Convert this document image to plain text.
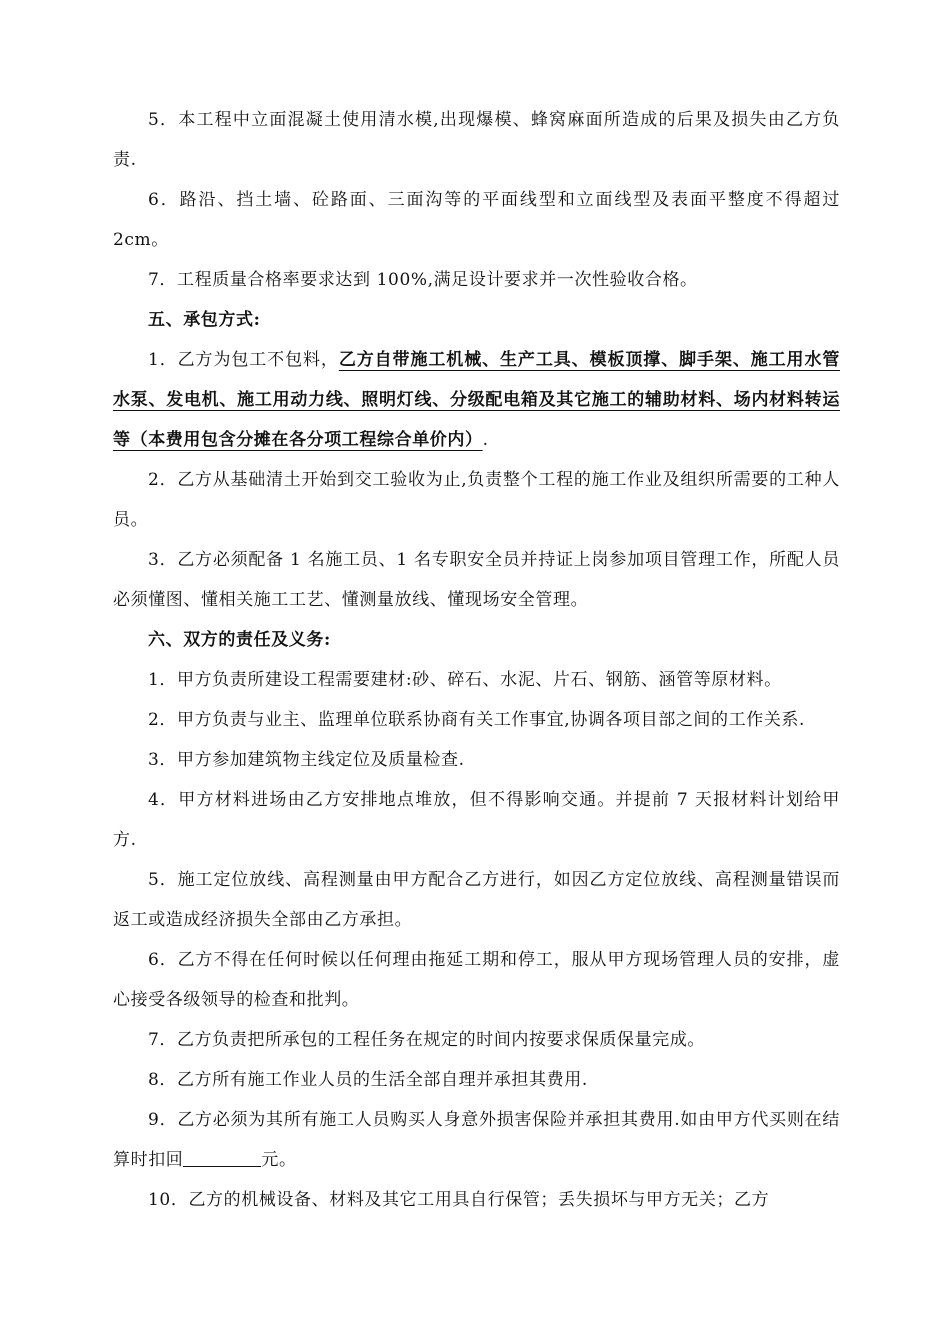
5．本工程中立面混凝土使用清水模,出现爆模、蜂窝麻面所造成的后果及损失由乙方负责.

6．路沿、挡土墙、砼路面、三面沟等的平面线型和立面线型及表面平整度不得超过 2cm。

7．工程质量合格率要求达到 100%,满足设计要求并一次性验收合格。

五、承包方式:

1．乙方为包工不包料，乙方自带施工机械、生产工具、模板顶撑、脚手架、施工用水管水泵、发电机、施工用动力线、照明灯线、分级配电箱及其它施工的辅助材料、场内材料转运等（本费用包含分摊在各分项工程综合单价内）.

2．乙方从基础清土开始到交工验收为止,负责整个工程的施工作业及组织所需要的工种人员。

3．乙方必须配备 1 名施工员、1 名专职安全员并持证上岗参加项目管理工作，所配人员必须懂图、懂相关施工工艺、懂测量放线、懂现场安全管理。

六、双方的责任及义务:

1．甲方负责所建设工程需要建材:砂、碎石、水泥、片石、钢筋、涵管等原材料。

2．甲方负责与业主、监理单位联系协商有关工作事宜,协调各项目部之间的工作关系.

3．甲方参加建筑物主线定位及质量检查.

4．甲方材料进场由乙方安排地点堆放，但不得影响交通。并提前 7 天报材料计划给甲方.

5．施工定位放线、高程测量由甲方配合乙方进行，如因乙方定位放线、高程测量错误而返工或造成经济损失全部由乙方承担。

6．乙方不得在任何时候以任何理由拖延工期和停工，服从甲方现场管理人员的安排，虚心接受各级领导的检查和批判。

7．乙方负责把所承包的工程任务在规定的时间内按要求保质保量完成。

8．乙方所有施工作业人员的生活全部自理并承担其费用.

9．乙方必须为其所有施工人员购买人身意外损害保险并承担其费用.如由甲方代买则在结算时扣回	元。

10．乙方的机械设备、材料及其它工用具自行保管；丢失损坏与甲方无关；乙方
